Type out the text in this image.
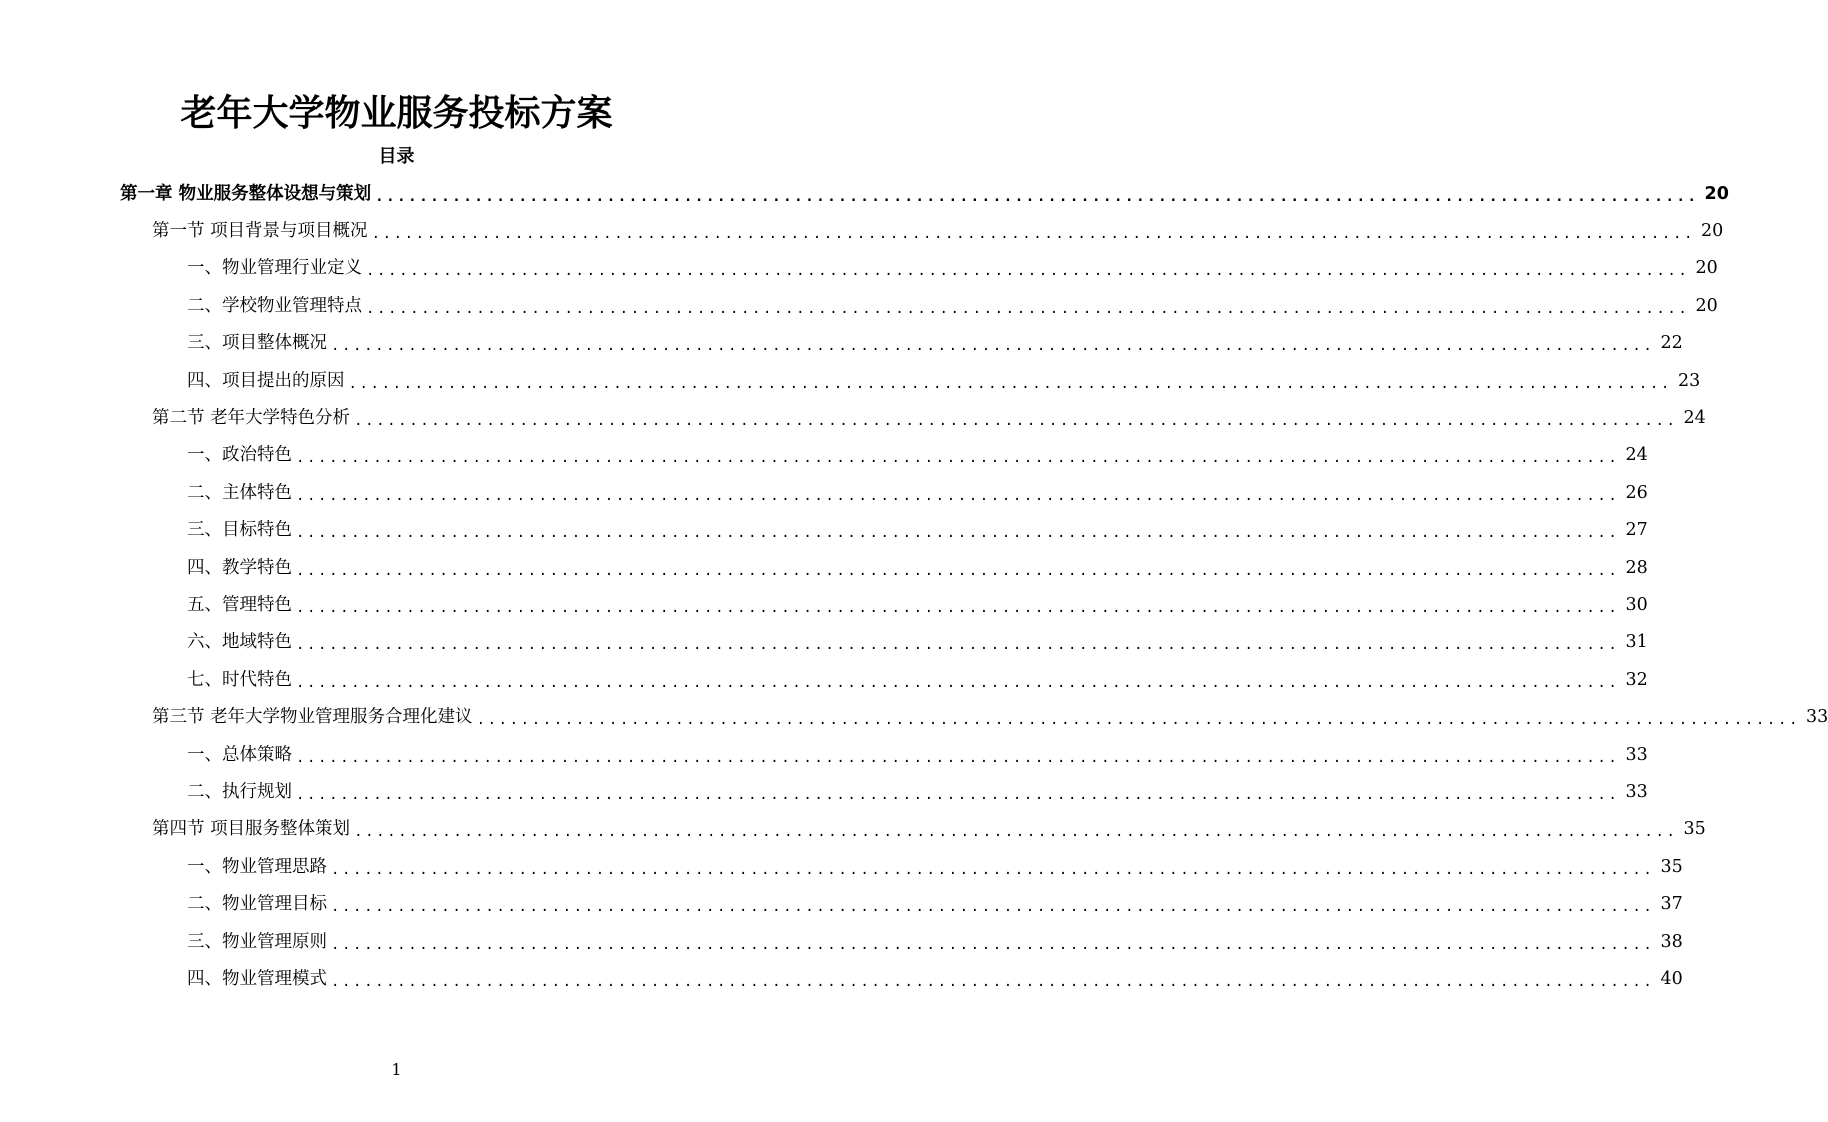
老年大学物业服务投标方案
目录
第一章 物业服务整体设想与策划 ........................................................................................................................ 20
第一节 项目背景与项目概况 ........................................................................................................................ 20
一、物业管理行业定义 ........................................................................................................................ 20
二、学校物业管理特点 ........................................................................................................................ 20
三、项目整体概况 ........................................................................................................................ 22
四、项目提出的原因 ........................................................................................................................ 23
第二节 老年大学特色分析 ........................................................................................................................ 24
一、政治特色 ........................................................................................................................ 24
二、主体特色 ........................................................................................................................ 26
三、目标特色 ........................................................................................................................ 27
四、教学特色 ........................................................................................................................ 28
五、管理特色 ........................................................................................................................ 30
六、地域特色 ........................................................................................................................ 31
七、时代特色 ........................................................................................................................ 32
第三节 老年大学物业管理服务合理化建议 ........................................................................................................................ 33
一、总体策略 ........................................................................................................................ 33
二、执行规划 ........................................................................................................................ 33
第四节 项目服务整体策划 ........................................................................................................................ 35
一、物业管理思路 ........................................................................................................................ 35
二、物业管理目标 ........................................................................................................................ 37
三、物业管理原则 ........................................................................................................................ 38
四、物业管理模式 ........................................................................................................................ 40
1
